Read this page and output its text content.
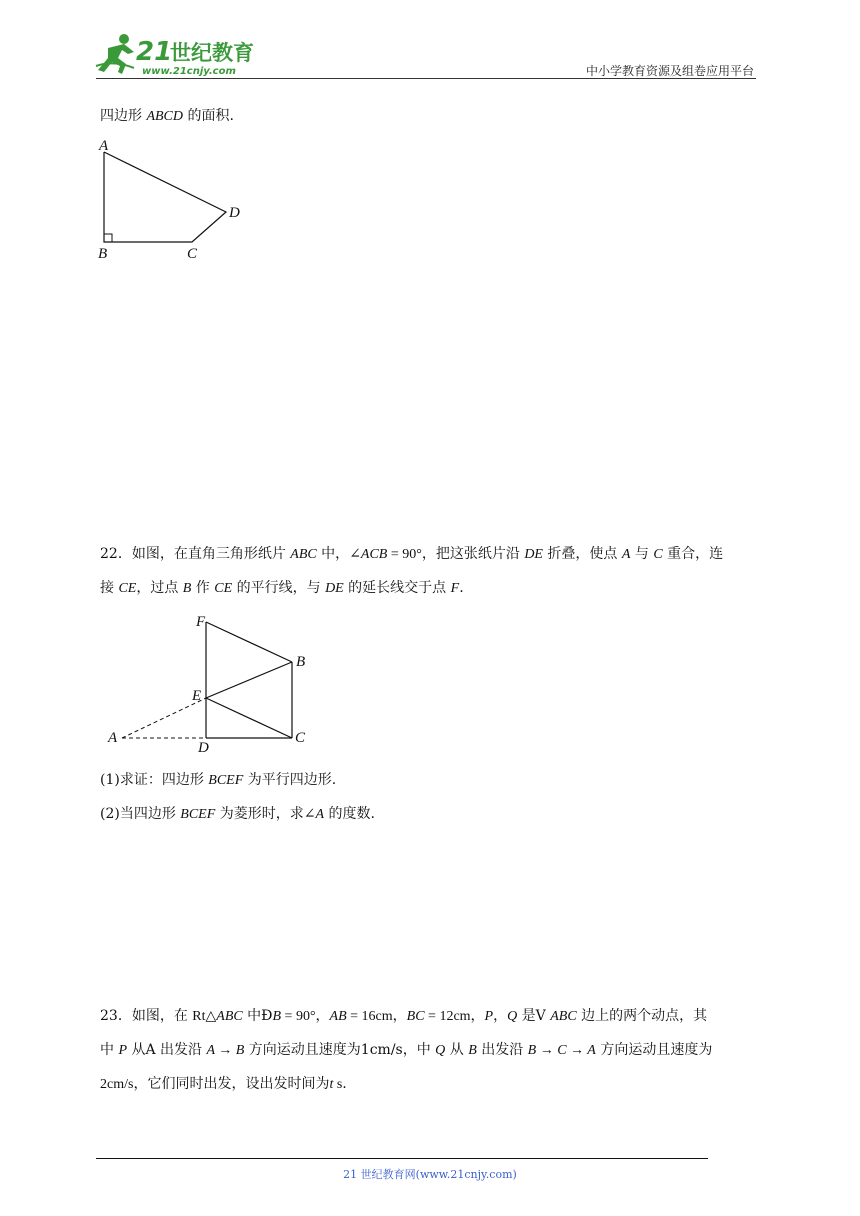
21
世纪教育
www.21cnjy.com	中小学教育资源及组卷应用平台
四边形 ABCD 的面积.
A
B	C
D
22．如图，在直角三角形纸片 ABC 中，∠ACB = 90°，把这张纸片沿 DE 折叠，使点 A 与 C 重合，连
接 CE，过点 B 作 CE 的平行线，与 DE 的延长线交于点 F.
F
B
E
A
D
C
(1)求证：四边形 BCEF 为平行四边形.
(2)当四边形 BCEF 为菱形时，求∠A 的度数.
23．如图，在 Rt△ABC 中ÐB = 90°，AB = 16cm，BC = 12cm，P，Q 是V ABC 边上的两个动点，其
中 P 从A 出发沿 A → B 方向运动且速度为1cm/s，中 Q 从 B 出发沿 B → C → A 方向运动且速度为
2cm/s，它们同时出发，设出发时间为t s.
21 世纪教育网(www.21cnjy.com)
